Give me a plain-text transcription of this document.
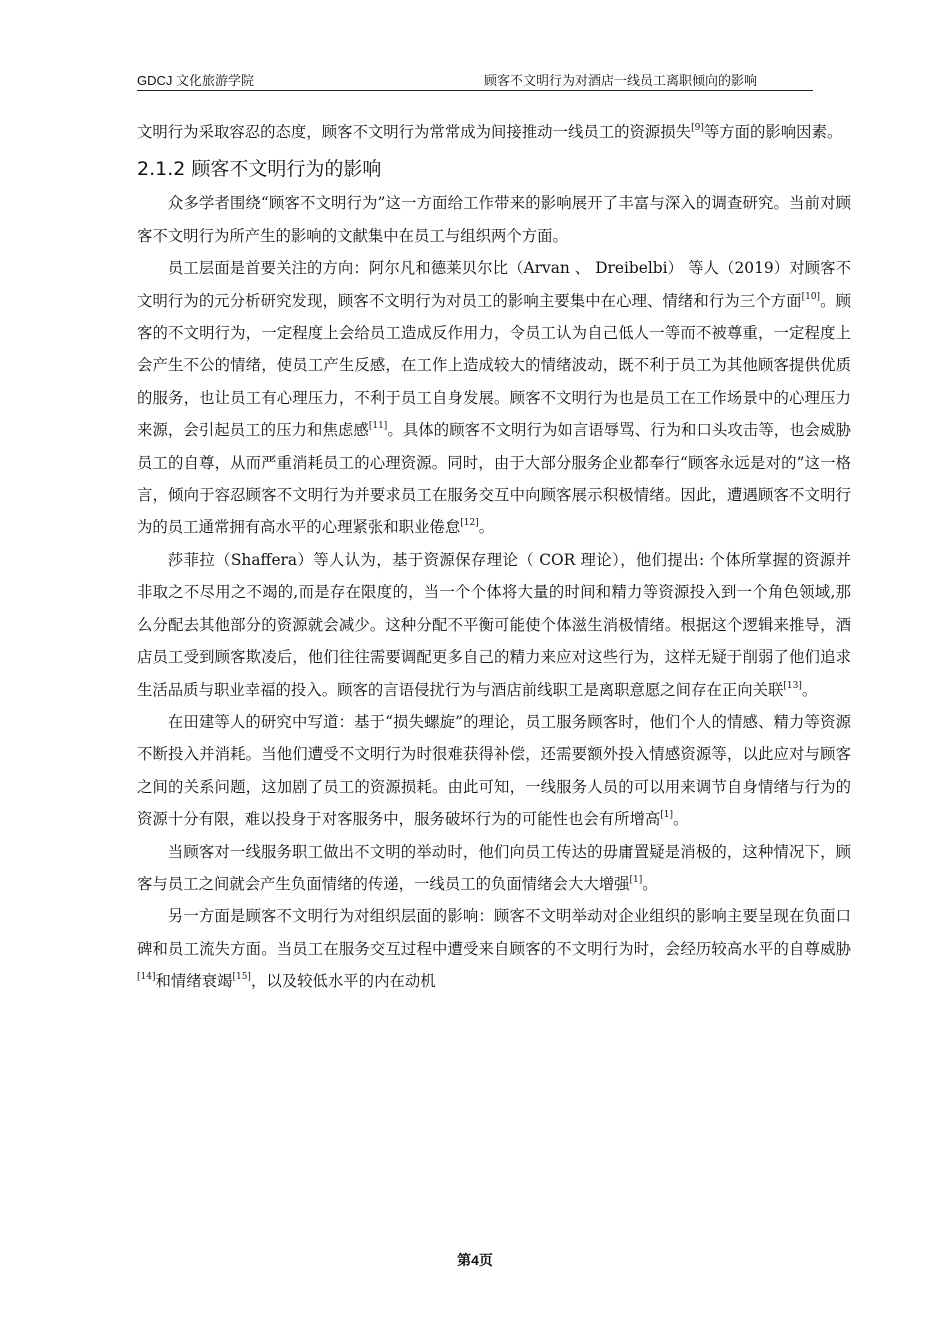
GDCJ 文化旅游学院	顾客不文明行为对酒店一线员工离职倾向的影响

文明行为采取容忍的态度，顾客不文明行为常常成为间接推动一线员工的资源损失[9]等方面的影响因素。

2.1.2 顾客不文明行为的影响

众多学者围绕“顾客不文明行为”这一方面给工作带来的影响展开了丰富与深入的调查研究。当前对顾客不文明行为所产生的影响的文献集中在员工与组织两个方面。

员工层面是首要关注的方向：阿尔凡和德莱贝尔比（Arvan 、 Dreibelbi） 等人（2019）对顾客不文明行为的元分析研究发现，顾客不文明行为对员工的影响主要集中在心理、情绪和行为三个方面[10]。顾客的不文明行为，一定程度上会给员工造成反作用力，令员工认为自己低人一等而不被尊重，一定程度上会产生不公的情绪，使员工产生反感，在工作上造成较大的情绪波动，既不利于员工为其他顾客提供优质的服务，也让员工有心理压力，不利于员工自身发展。顾客不文明行为也是员工在工作场景中的心理压力来源，会引起员工的压力和焦虑感[11]。具体的顾客不文明行为如言语辱骂、行为和口头攻击等，也会威胁员工的自尊，从而严重消耗员工的心理资源。同时，由于大部分服务企业都奉行“顾客永远是对的”这一格言，倾向于容忍顾客不文明行为并要求员工在服务交互中向顾客展示积极情绪。因此，遭遇顾客不文明行为的员工通常拥有高水平的心理紧张和职业倦怠[12]。

莎菲拉（Shaffera）等人认为，基于资源保存理论（ COR 理论），他们提出: 个体所掌握的资源并非取之不尽用之不竭的,而是存在限度的，当一个个体将大量的时间和精力等资源投入到一个角色领域,那么分配去其他部分的资源就会减少。这种分配不平衡可能使个体滋生消极情绪。根据这个逻辑来推导，酒店员工受到顾客欺凌后，他们往往需要调配更多自己的精力来应对这些行为，这样无疑于削弱了他们追求生活品质与职业幸福的投入。顾客的言语侵扰行为与酒店前线职工是离职意愿之间存在正向关联[13]。

在田建等人的研究中写道：基于“损失螺旋”的理论，员工服务顾客时，他们个人的情感、精力等资源不断投入并消耗。当他们遭受不文明行为时很难获得补偿，还需要额外投入情感资源等，以此应对与顾客之间的关系问题，这加剧了员工的资源损耗。由此可知，一线服务人员的可以用来调节自身情绪与行为的资源十分有限，难以投身于对客服务中，服务破坏行为的可能性也会有所增高[1]。

当顾客对一线服务职工做出不文明的举动时，他们向员工传达的毋庸置疑是消极的，这种情况下，顾客与员工之间就会产生负面情绪的传递，一线员工的负面情绪会大大增强[1]。

另一方面是顾客不文明行为对组织层面的影响：顾客不文明举动对企业组织的影响主要呈现在负面口碑和员工流失方面。当员工在服务交互过程中遭受来自顾客的不文明行为时，会经历较高水平的自尊威胁[14]和情绪衰竭[15]，以及较低水平的内在动机

第4页
